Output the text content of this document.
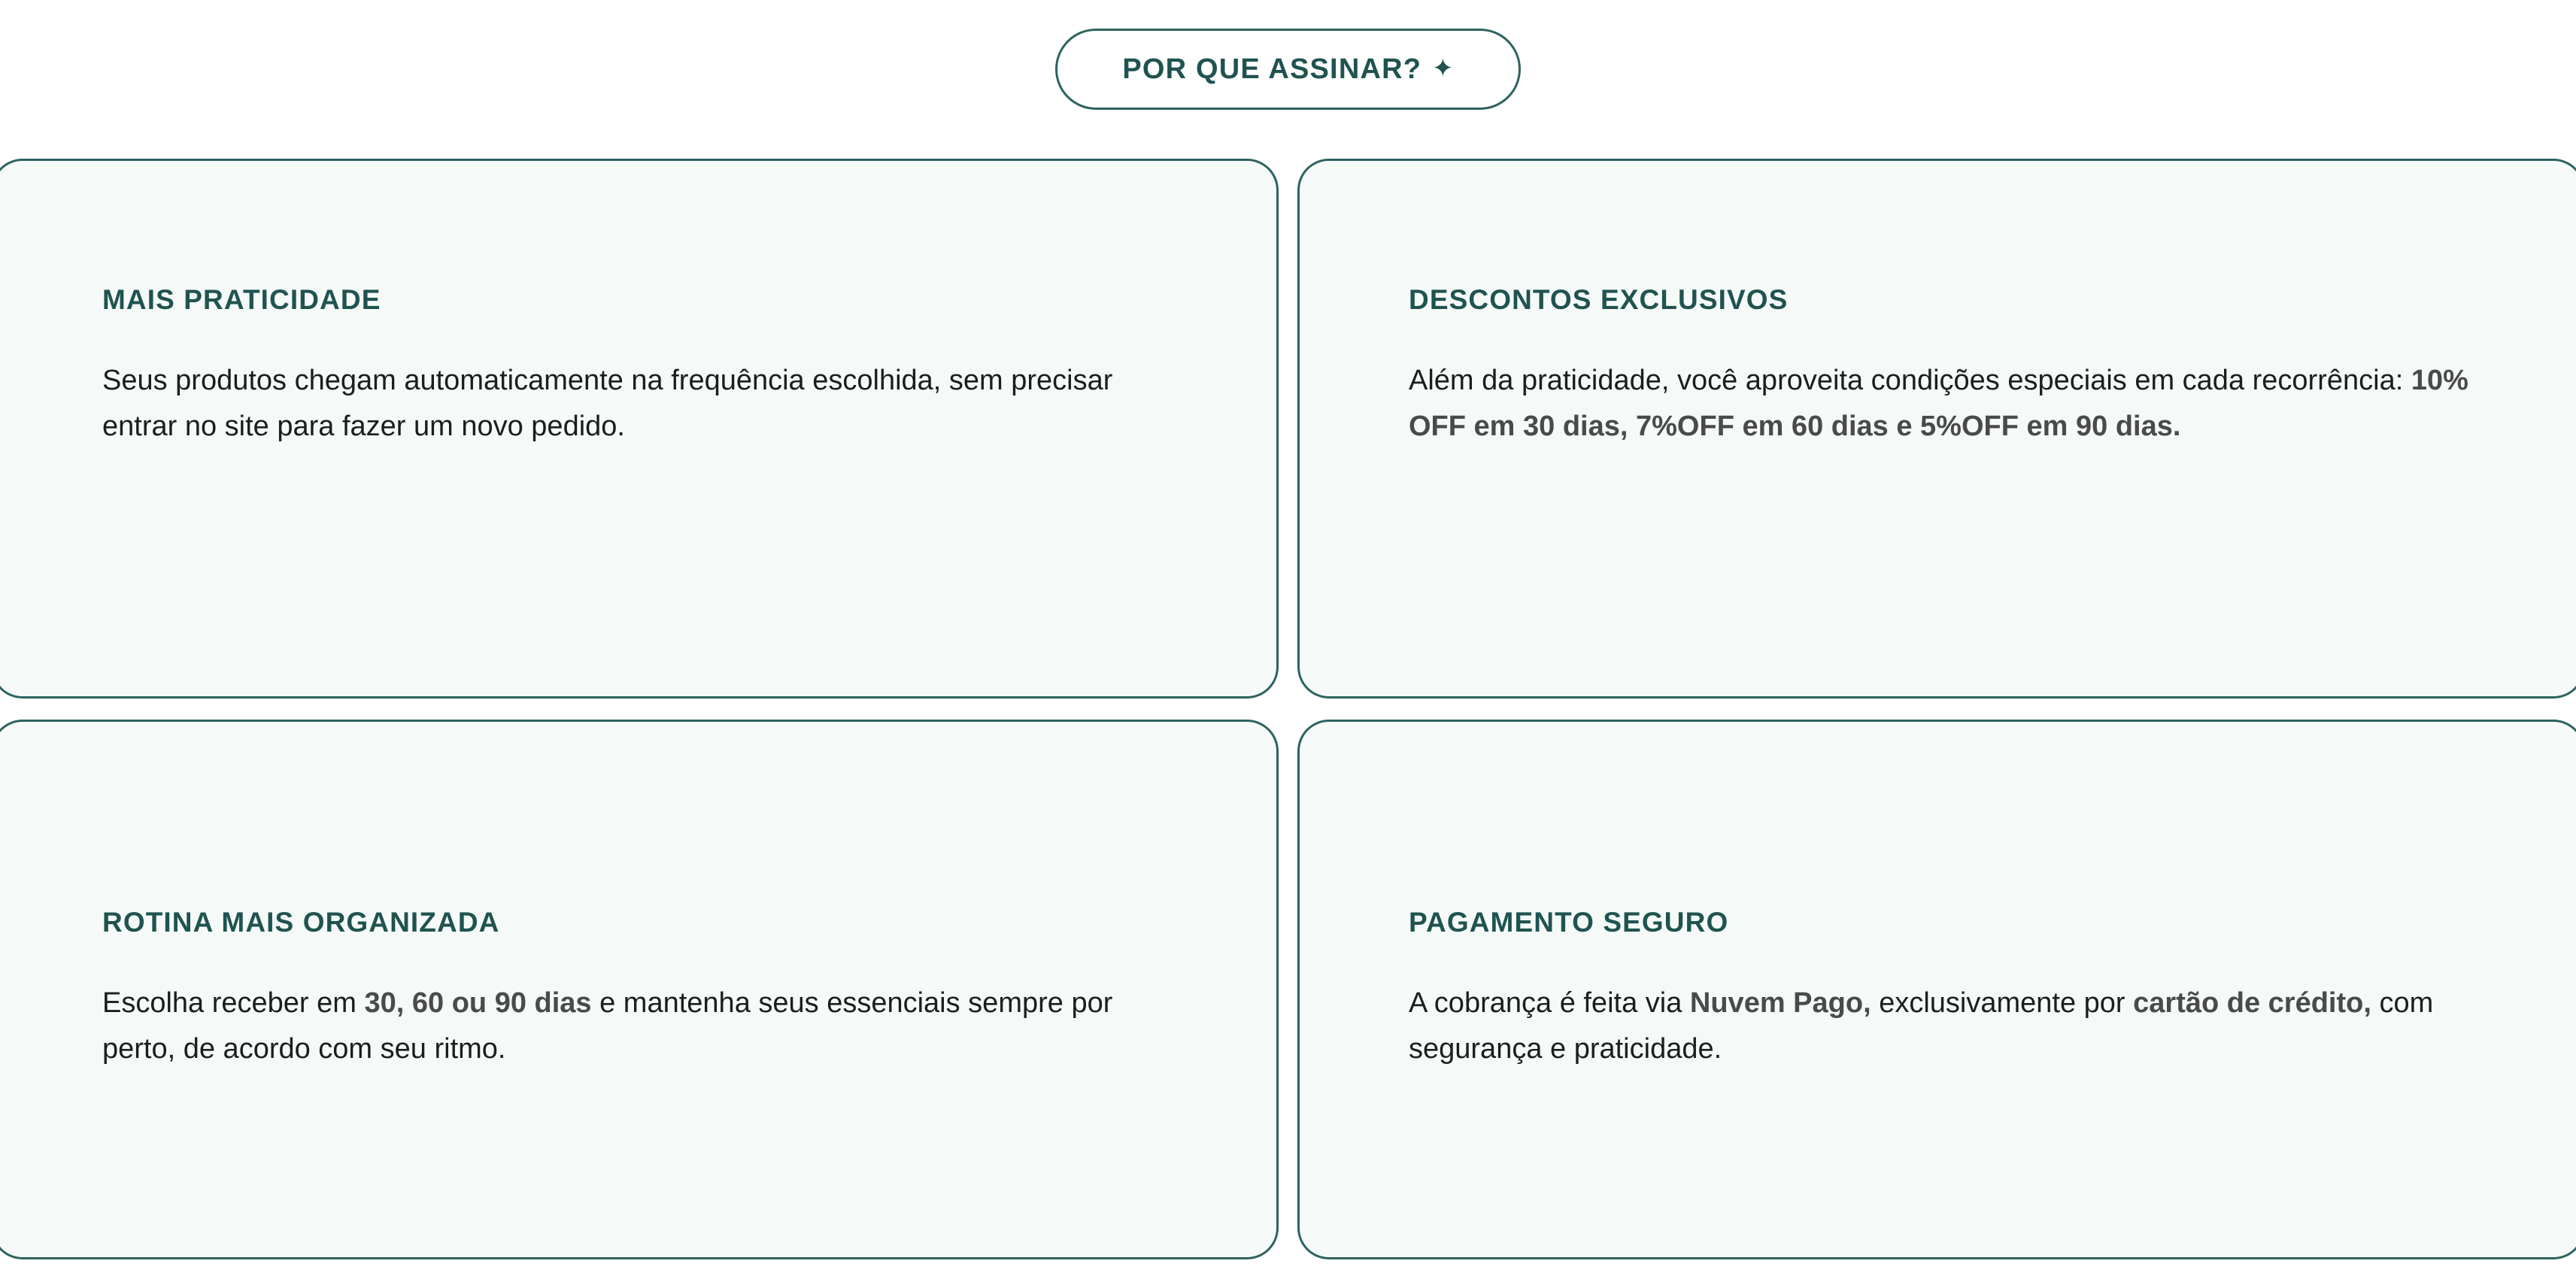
POR QUE ASSINAR? ✦
MAIS PRATICIDADE

Seus produtos chegam automaticamente na frequência escolhida, sem precisar entrar no site para fazer um novo pedido.

DESCONTOS EXCLUSIVOS

Além da praticidade, você aproveita condições especiais em cada recorrência: 10% OFF em 30 dias, 7%OFF em 60 dias e 5%OFF em 90 dias.

ROTINA MAIS ORGANIZADA

Escolha receber em 30, 60 ou 90 dias e mantenha seus essenciais sempre por perto, de acordo com seu ritmo.

PAGAMENTO SEGURO

A cobrança é feita via Nuvem Pago, exclusivamente por cartão de crédito, com segurança e praticidade.
